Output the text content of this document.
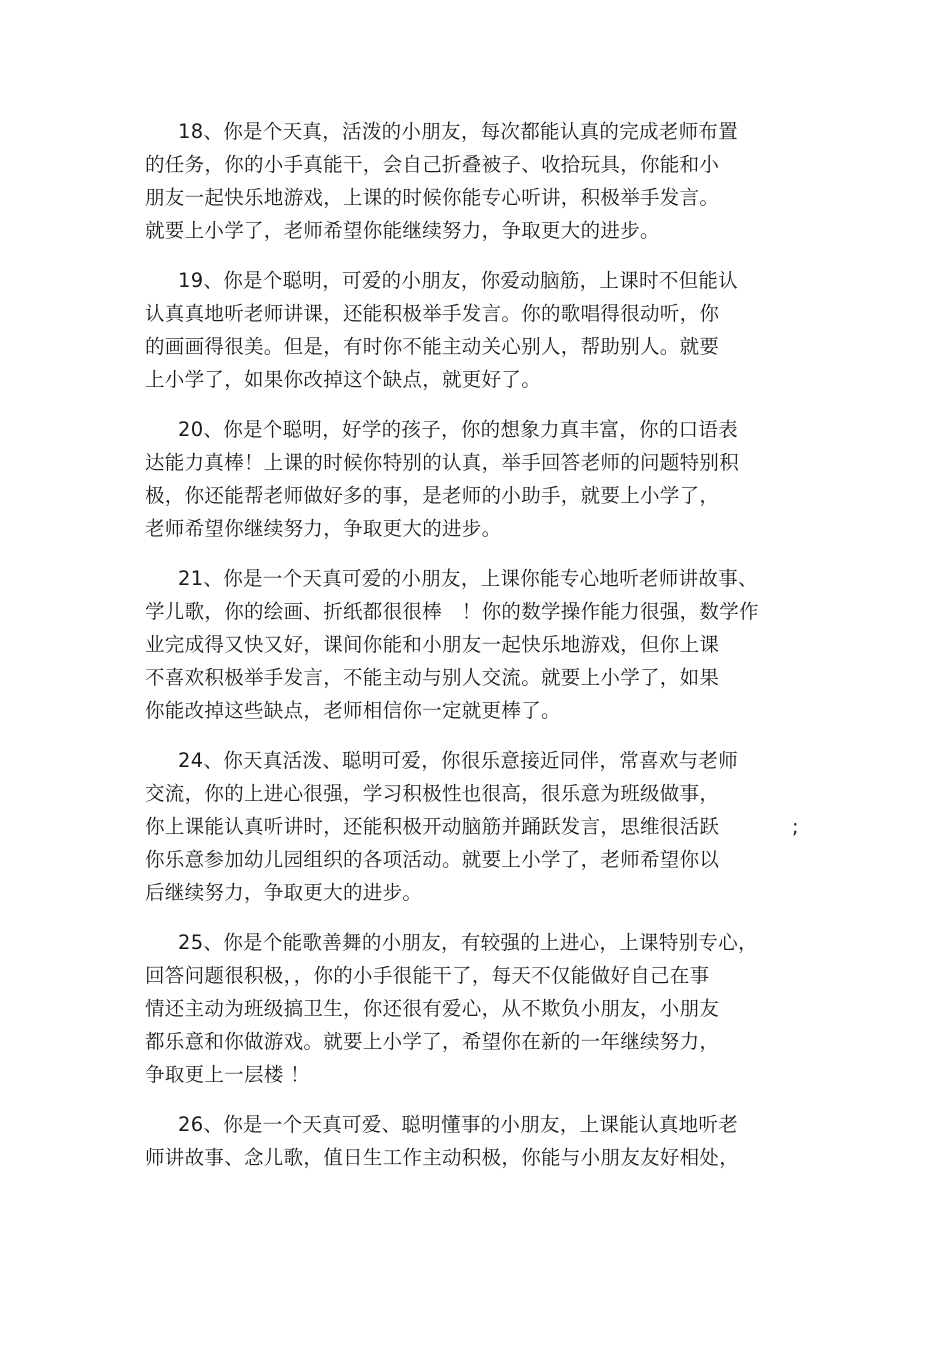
18、你是个天真，活泼的小朋友，每次都能认真的完成老师布置
的任务，你的小手真能干，会自己折叠被子、收拾玩具，你能和小
朋友一起快乐地游戏，上课的时候你能专心听讲，积极举手发言。
就要上小学了，老师希望你能继续努力，争取更大的进步。
19、你是个聪明，可爱的小朋友，你爱动脑筋，上课时不但能认
认真真地听老师讲课，还能积极举手发言。你的歌唱得很动听，你
的画画得很美。但是，有时你不能主动关心别人，帮助别人。就要
上小学了，如果你改掉这个缺点，就更好了。
20、你是个聪明，好学的孩子，你的想象力真丰富，你的口语表
达能力真棒！上课的时候你特别的认真，举手回答老师的问题特别积
极，你还能帮老师做好多的事，是老师的小助手，就要上小学了，
老师希望你继续努力，争取更大的进步。
21、你是一个天真可爱的小朋友，上课你能专心地听老师讲故事、
学儿歌，你的绘画、折纸都很很棒　！你的数学操作能力很强，数学作
业完成得又快又好，课间你能和小朋友一起快乐地游戏，但你上课
不喜欢积极举手发言，不能主动与别人交流。就要上小学了，如果
你能改掉这些缺点，老师相信你一定就更棒了。
24、你天真活泼、聪明可爱，你很乐意接近同伴，常喜欢与老师
交流，你的上进心很强，学习积极性也很高，很乐意为班级做事，
你上课能认真听讲时，还能积极开动脑筋并踊跃发言，思维很活跃	;
你乐意参加幼儿园组织的各项活动。就要上小学了，老师希望你以
后继续努力，争取更大的进步。
25、你是个能歌善舞的小朋友，有较强的上进心，上课特别专心，
回答问题很积极，，你的小手很能干了，每天不仅能做好自己在事
情还主动为班级搞卫生，你还很有爱心，从不欺负小朋友，小朋友
都乐意和你做游戏。就要上小学了，希望你在新的一年继续努力，
争取更上一层楼 ！
26、你是一个天真可爱、聪明懂事的小朋友，上课能认真地听老
师讲故事、念儿歌，值日生工作主动积极，你能与小朋友友好相处，
